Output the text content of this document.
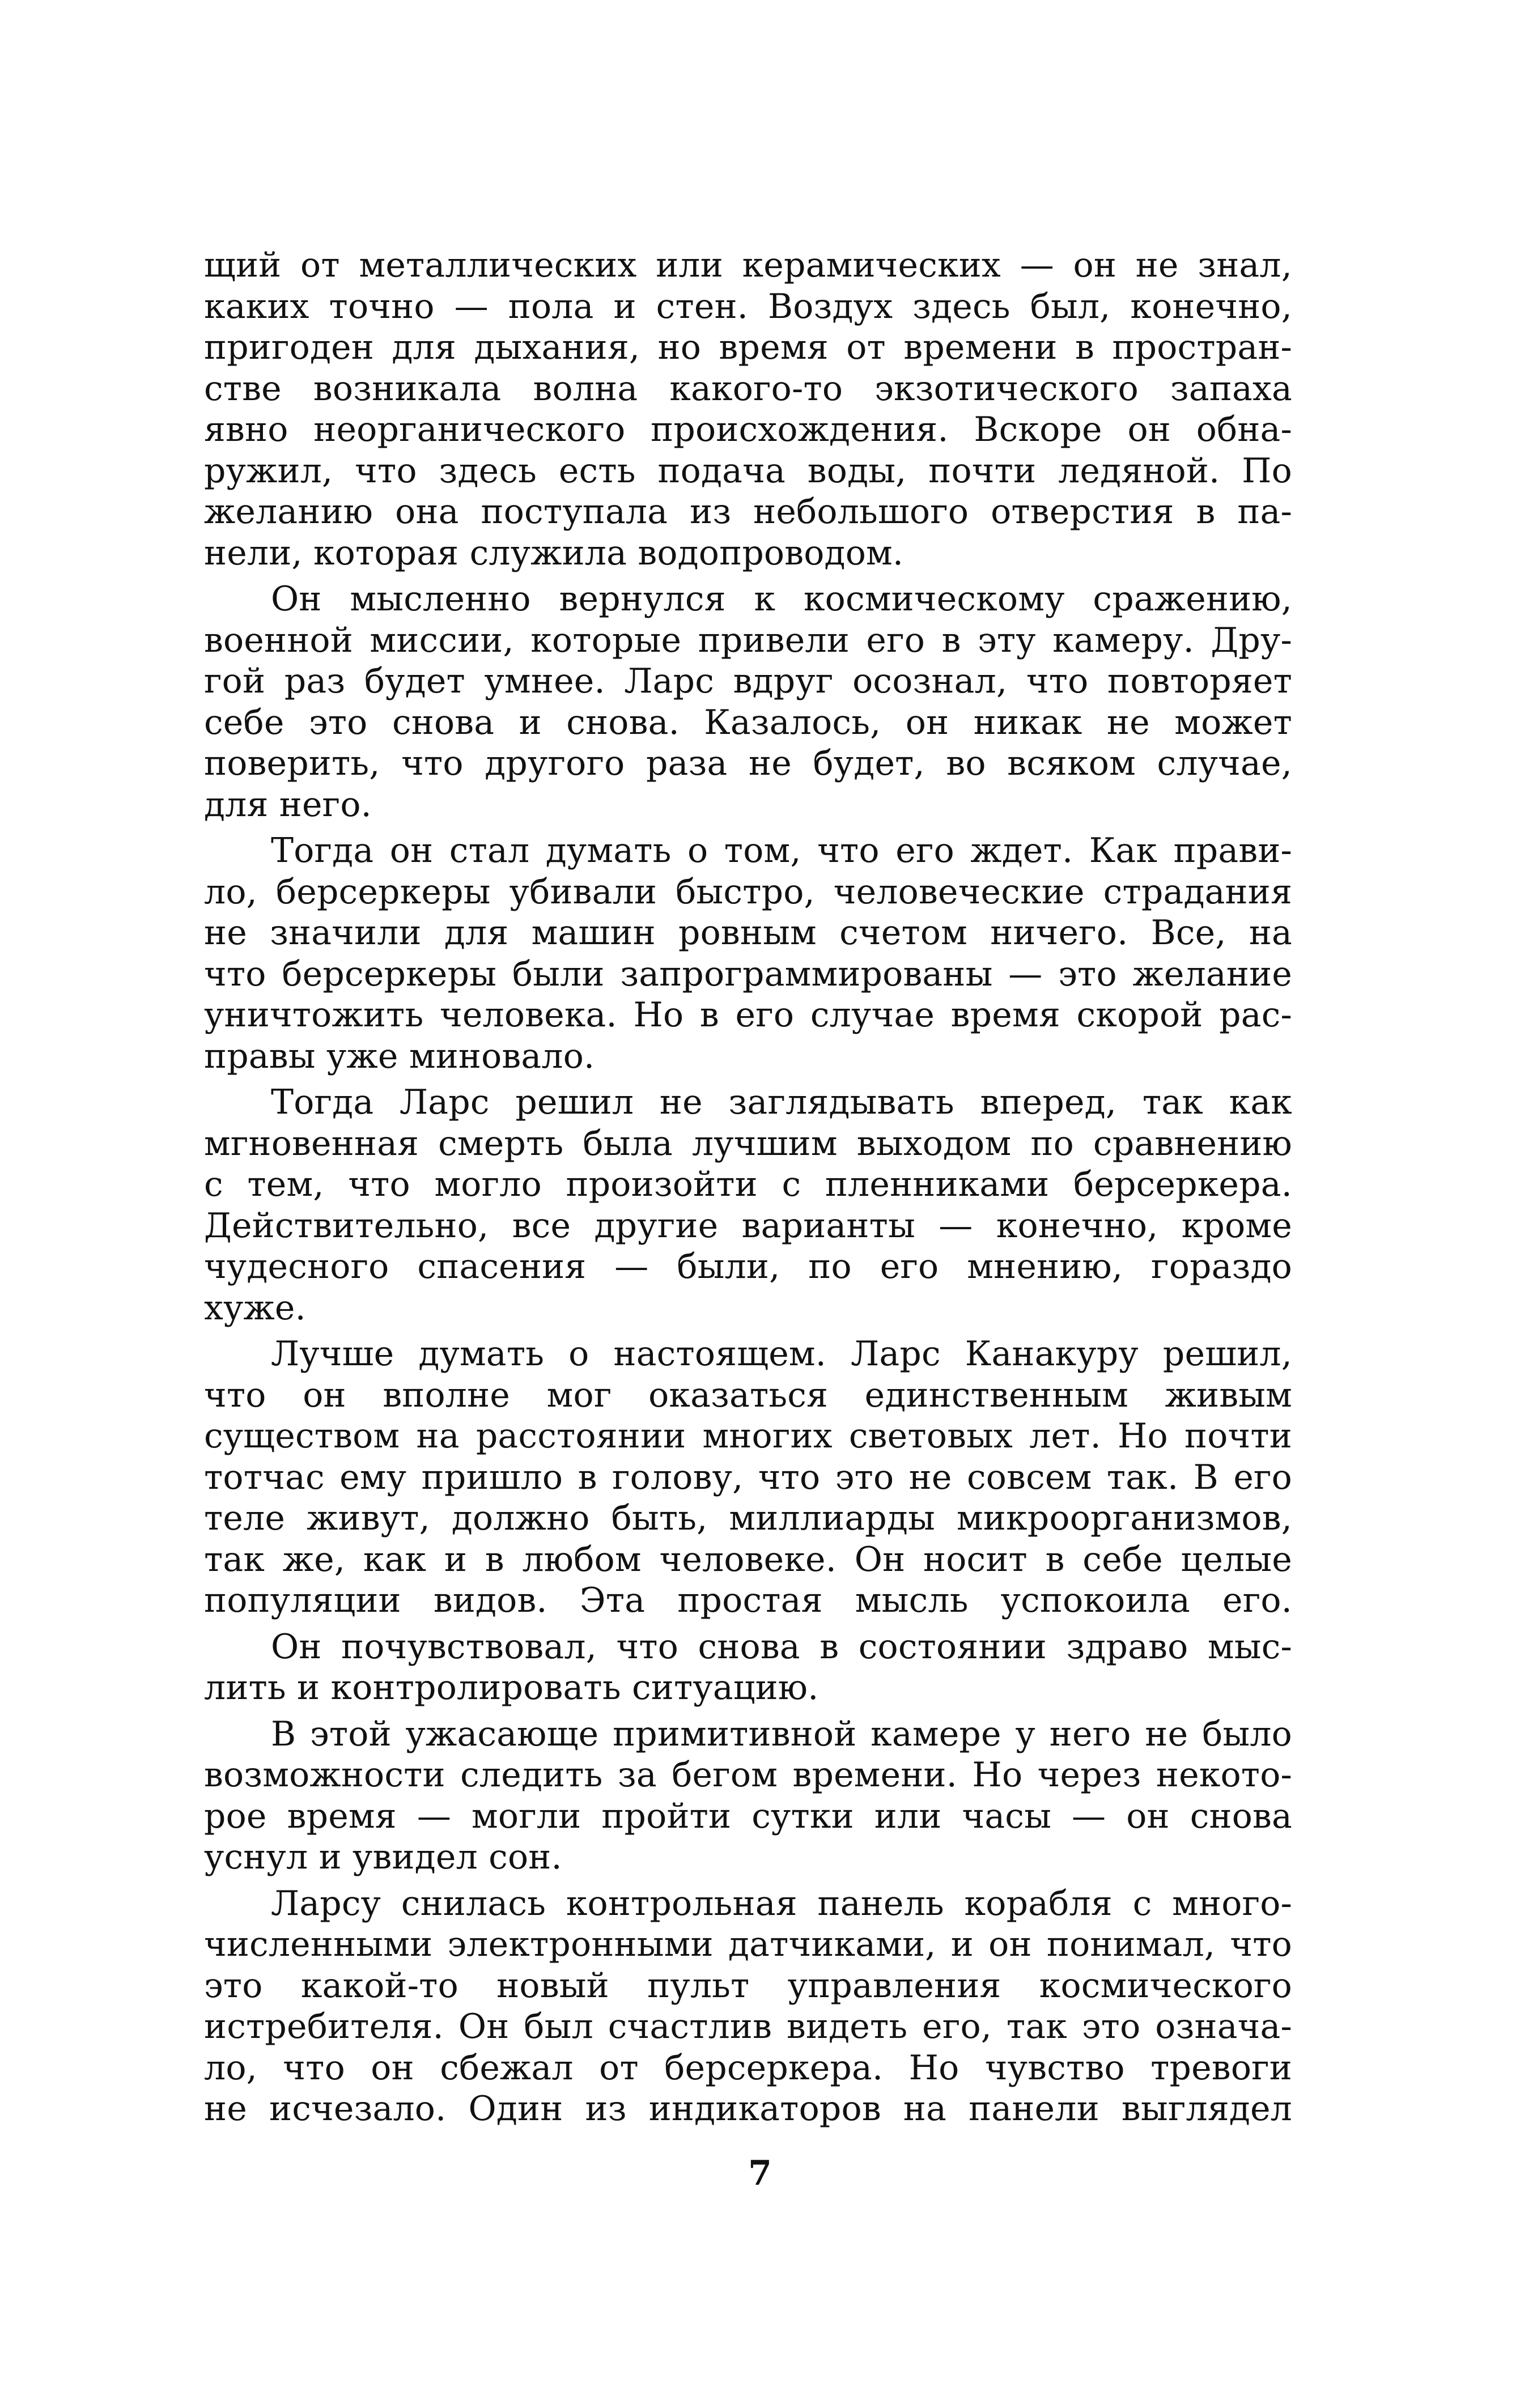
щий от металлических или керамических — он не знал,
каких точно — пола и стен. Воздух здесь был, конечно,
пригоден для дыхания, но время от времени в простран-
стве возникала волна какого-то экзотического запаха
явно неорганического происхождения. Вскоре он обна-
ружил, что здесь есть подача воды, почти ледяной. По
желанию она поступала из небольшого отверстия в па-
нели, которая служила водопроводом.
Он мысленно вернулся к космическому сражению,
военной миссии, которые привели его в эту камеру. Дру-
гой раз будет умнее. Ларс вдруг осознал, что повторяет
себе это снова и снова. Казалось, он никак не может
поверить, что другого раза не будет, во всяком случае,
для него.
Тогда он стал думать о том, что его ждет. Как прави-
ло, берсеркеры убивали быстро, человеческие страдания
не значили для машин ровным счетом ничего. Все, на
что берсеркеры были запрограммированы — это желание
уничтожить человека. Но в его случае время скорой рас-
правы уже миновало.
Тогда Ларс решил не заглядывать вперед, так как
мгновенная смерть была лучшим выходом по сравнению
с тем, что могло произойти с пленниками берсеркера.
Действительно, все другие варианты — конечно, кроме
чудесного спасения — были, по его мнению, гораздо
хуже.
Лучше думать о настоящем. Ларс Канакуру решил,
что он вполне мог оказаться единственным живым
существом на расстоянии многих световых лет. Но почти
тотчас ему пришло в голову, что это не совсем так. В его
теле живут, должно быть, миллиарды микроорганизмов,
так же, как и в любом человеке. Он носит в себе целые
популяции видов. Эта простая мысль успокоила его.
Он почувствовал, что снова в состоянии здраво мыс-
лить и контролировать ситуацию.
В этой ужасающе примитивной камере у него не было
возможности следить за бегом времени. Но через некото-
рое время — могли пройти сутки или часы — он снова
уснул и увидел сон.
Ларсу снилась контрольная панель корабля с много-
численными электронными датчиками, и он понимал, что
это какой-то новый пульт управления космического
истребителя. Он был счастлив видеть его, так это означа-
ло, что он сбежал от берсеркера. Но чувство тревоги
не исчезало. Один из индикаторов на панели выглядел
7
